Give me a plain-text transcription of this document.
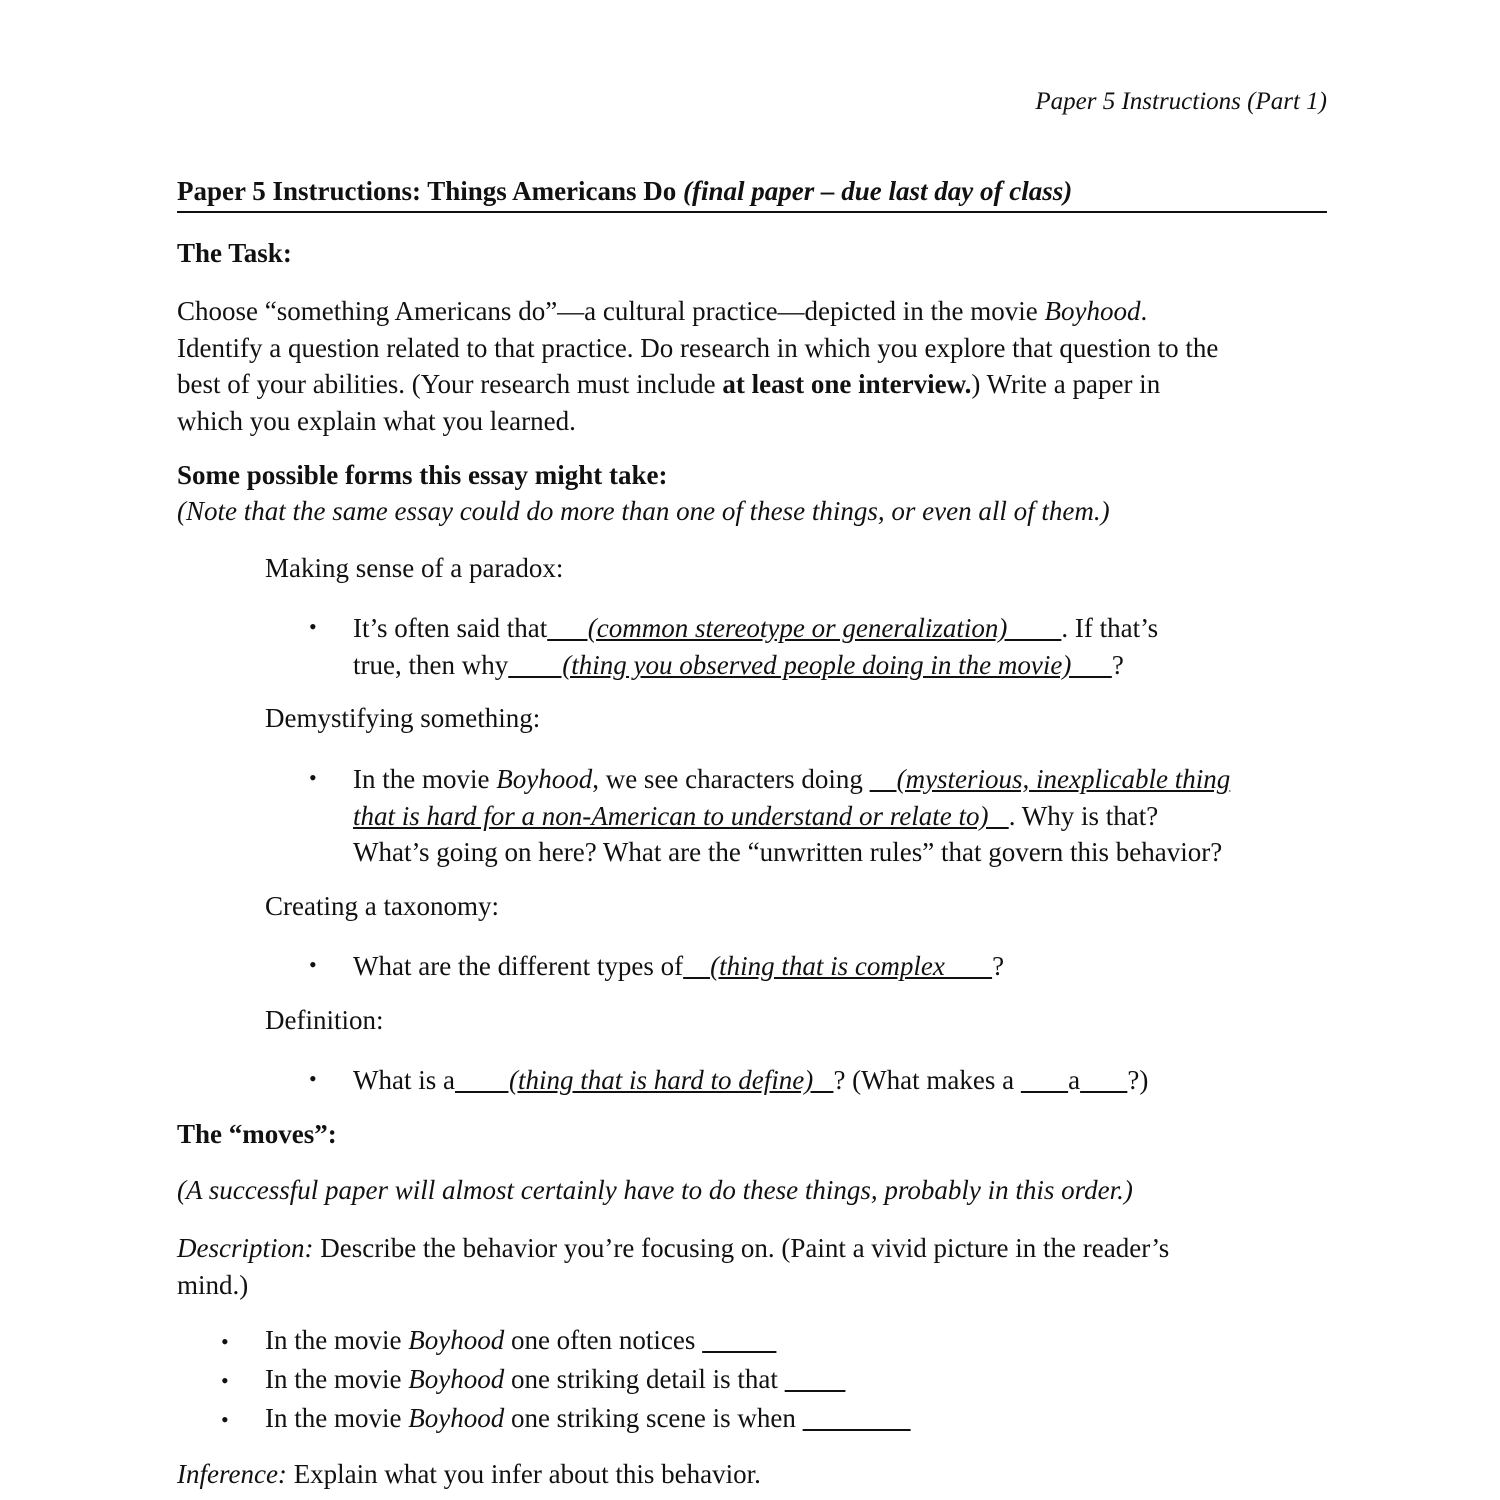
Paper 5 Instructions (Part 1)
Paper 5 Instructions: Things Americans Do (final paper – due last day of class)
The Task:
Choose “something Americans do”—a cultural practice—depicted in the movie Boyhood.
Identify a question related to that practice. Do research in which you explore that question to the
best of your abilities. (Your research must include at least one interview.) Write a paper in
which you explain what you learned.
Some possible forms this essay might take:
(Note that the same essay could do more than one of these things, or even all of them.)
Making sense of a paradox:
• It’s often said that      (common stereotype or generalization)        . If that’s
true, then why        (thing you observed people doing in the movie)      ?
Demystifying something:
• In the movie Boyhood, we see characters doing     (mysterious, inexplicable thing
that is hard for a non-American to understand or relate to)   . Why is that?
What’s going on here? What are the “unwritten rules” that govern this behavior?
Creating a taxonomy:
• What are the different types of    (thing that is complex       ?
Definition:
• What is a        (thing that is hard to define)   ? (What makes a        a ?)
The “moves”:
(A successful paper will almost certainly have to do these things, probably in this order.)
Description: Describe the behavior you’re focusing on. (Paint a vivid picture in the reader’s
mind.)
• In the movie Boyhood one often notices
• In the movie Boyhood one striking detail is that
• In the movie Boyhood one striking scene is when
Inference: Explain what you infer about this behavior.
